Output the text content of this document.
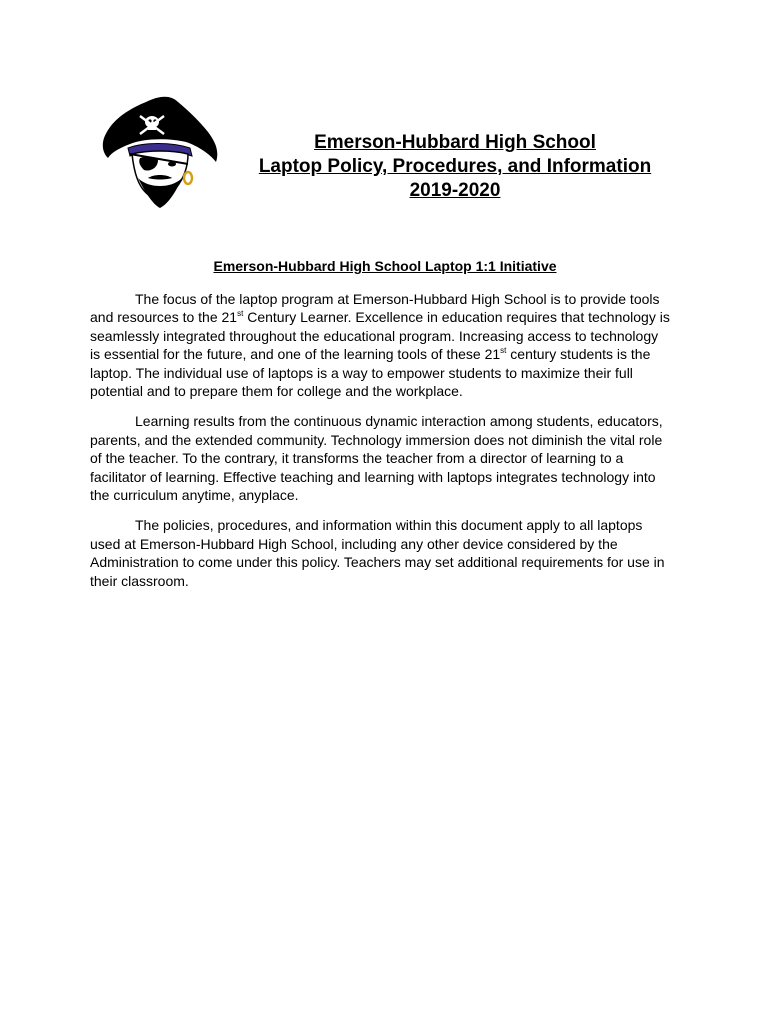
Emerson-Hubbard High School
Laptop Policy, Procedures, and Information
2019-2020
Emerson-Hubbard High School Laptop 1:1 Initiative

The focus of the laptop program at Emerson-Hubbard High School is to provide tools and resources to the 21st Century Learner. Excellence in education requires that technology is seamlessly integrated throughout the educational program. Increasing access to technology is essential for the future, and one of the learning tools of these 21st century students is the laptop. The individual use of laptops is a way to empower students to maximize their full potential and to prepare them for college and the workplace.

Learning results from the continuous dynamic interaction among students, educators, parents, and the extended community. Technology immersion does not diminish the vital role of the teacher. To the contrary, it transforms the teacher from a director of learning to a facilitator of learning. Effective teaching and learning with laptops integrates technology into the curriculum anytime, anyplace.

The policies, procedures, and information within this document apply to all laptops used at Emerson-Hubbard High School, including any other device considered by the Administration to come under this policy. Teachers may set additional requirements for use in their classroom.
